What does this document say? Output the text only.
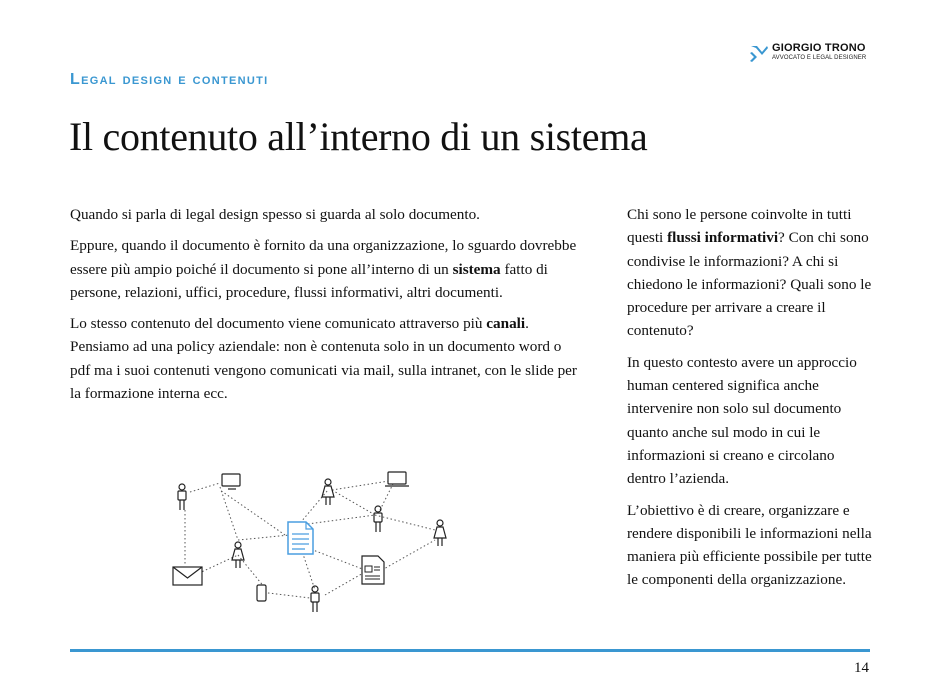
GIORGIO TRONO
AVVOCATO E LEGAL DESIGNER
Legal design e contenuti
Il contenuto all’interno di un sistema

Quando si parla di legal design spesso si guarda al solo documento.

Eppure, quando il documento è fornito da una organizzazione, lo sguardo dovrebbe essere più ampio poiché il documento si pone all’interno di un sistema fatto di persone, relazioni, uffici, procedure, flussi informativi, altri documenti.

Lo stesso contenuto del documento viene comunicato attraverso più canali. Pensiamo ad una policy aziendale: non è contenuta solo in un documento word o pdf ma i suoi contenuti vengono comunicati via mail, sulla intranet, con le slide per la formazione interna ecc.

Chi sono le persone coinvolte in tutti questi flussi informativi? Con chi sono condivise le informazioni? A chi si chiedono le informazioni? Quali sono le procedure per arrivare a creare il contenuto?

In questo contesto avere un approccio human centered significa anche intervenire non solo sul documento quanto anche sul modo in cui le informazioni si creano e circolano dentro l’azienda.

L’obiettivo è di creare, organizzare e rendere disponibili le informazioni nella maniera più efficiente possibile per tutte le componenti della organizzazione.

14
